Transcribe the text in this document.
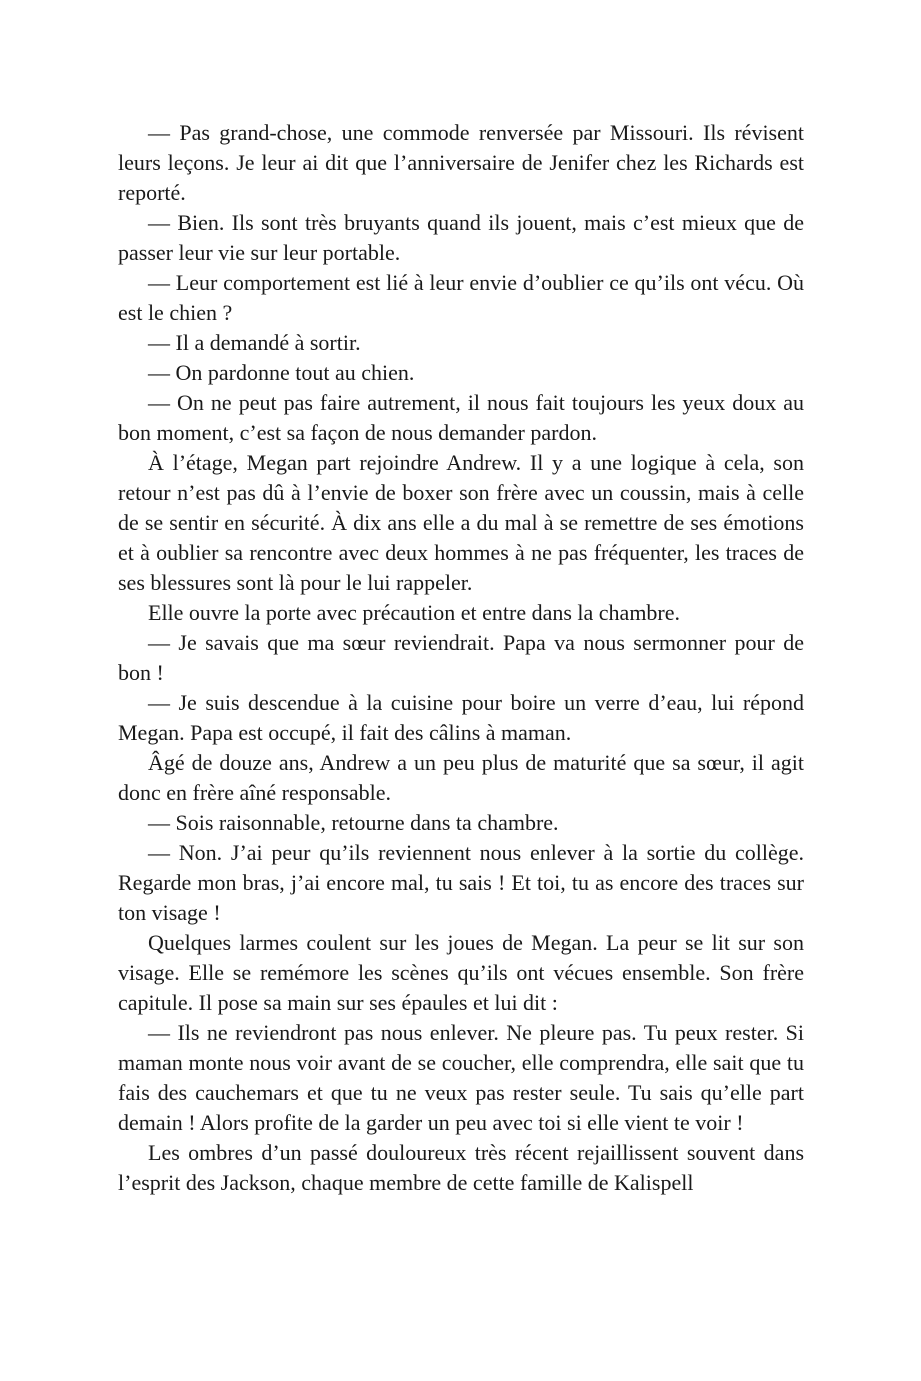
— Pas grand-chose, une commode renversée par Missouri. Ils révisent leurs leçons. Je leur ai dit que l’anniversaire de Jenifer chez les Richards est reporté.

— Bien. Ils sont très bruyants quand ils jouent, mais c’est mieux que de passer leur vie sur leur portable.

— Leur comportement est lié à leur envie d’oublier ce qu’ils ont vécu. Où est le chien ?

— Il a demandé à sortir.

— On pardonne tout au chien.

— On ne peut pas faire autrement, il nous fait toujours les yeux doux au bon moment, c’est sa façon de nous demander pardon.

À l’étage, Megan part rejoindre Andrew. Il y a une logique à cela, son retour n’est pas dû à l’envie de boxer son frère avec un coussin, mais à celle de se sentir en sécurité. À dix ans elle a du mal à se remettre de ses émotions et à oublier sa rencontre avec deux hommes à ne pas fréquenter, les traces de ses blessures sont là pour le lui rappeler.

Elle ouvre la porte avec précaution et entre dans la chambre.

— Je savais que ma sœur reviendrait. Papa va nous sermonner pour de bon !

— Je suis descendue à la cuisine pour boire un verre d’eau, lui répond Megan. Papa est occupé, il fait des câlins à maman.

Âgé de douze ans, Andrew a un peu plus de maturité que sa sœur, il agit donc en frère aîné responsable.

— Sois raisonnable, retourne dans ta chambre.

— Non. J’ai peur qu’ils reviennent nous enlever à la sortie du collège. Regarde mon bras, j’ai encore mal, tu sais ! Et toi, tu as encore des traces sur ton visage !

Quelques larmes coulent sur les joues de Megan. La peur se lit sur son visage. Elle se remémore les scènes qu’ils ont vécues ensemble. Son frère capitule. Il pose sa main sur ses épaules et lui dit :

— Ils ne reviendront pas nous enlever. Ne pleure pas. Tu peux rester. Si maman monte nous voir avant de se coucher, elle comprendra, elle sait que tu fais des cauchemars et que tu ne veux pas rester seule. Tu sais qu’elle part demain ! Alors profite de la garder un peu avec toi si elle vient te voir !

Les ombres d’un passé douloureux très récent rejaillissent souvent dans l’esprit des Jackson, chaque membre de cette famille de Kalispell
